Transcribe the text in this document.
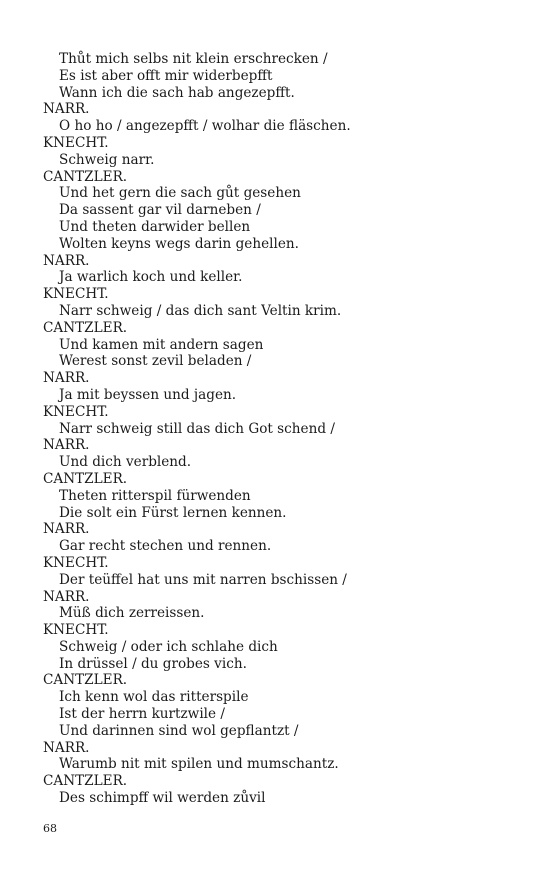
Thůt mich selbs nit klein erschrecken /
Es ist aber offt mir widerbepfft
Wann ich die sach hab angezepfft.
NARR.
O ho ho / angezepfft / wolhar die fläschen.
KNECHT.
Schweig narr.
CANTZLER.
Und het gern die sach gůt gesehen
Da sassent gar vil darneben /
Und theten darwider bellen
Wolten keyns wegs darin gehellen.
NARR.
Ja warlich koch und keller.
KNECHT.
Narr schweig / das dich sant Veltin krim.
CANTZLER.
Und kamen mit andern sagen
Werest sonst zevil beladen /
NARR.
Ja mit beyssen und jagen.
KNECHT.
Narr schweig still das dich Got schend /
NARR.
Und dich verblend.
CANTZLER.
Theten ritterspil fürwenden
Die solt ein Fürst lernen kennen.
NARR.
Gar recht stechen und rennen.
KNECHT.
Der teüffel hat uns mit narren bschissen /
NARR.
Müß dich zerreissen.
KNECHT.
Schweig / oder ich schlahe dich
In drüssel / du grobes vich.
CANTZLER.
Ich kenn wol das ritterspile
Ist der herrn kurtzwile /
Und darinnen sind wol gepflantzt /
NARR.
Warumb nit mit spilen und mumschantz.
CANTZLER.
Des schimpff wil werden zůvil
68
